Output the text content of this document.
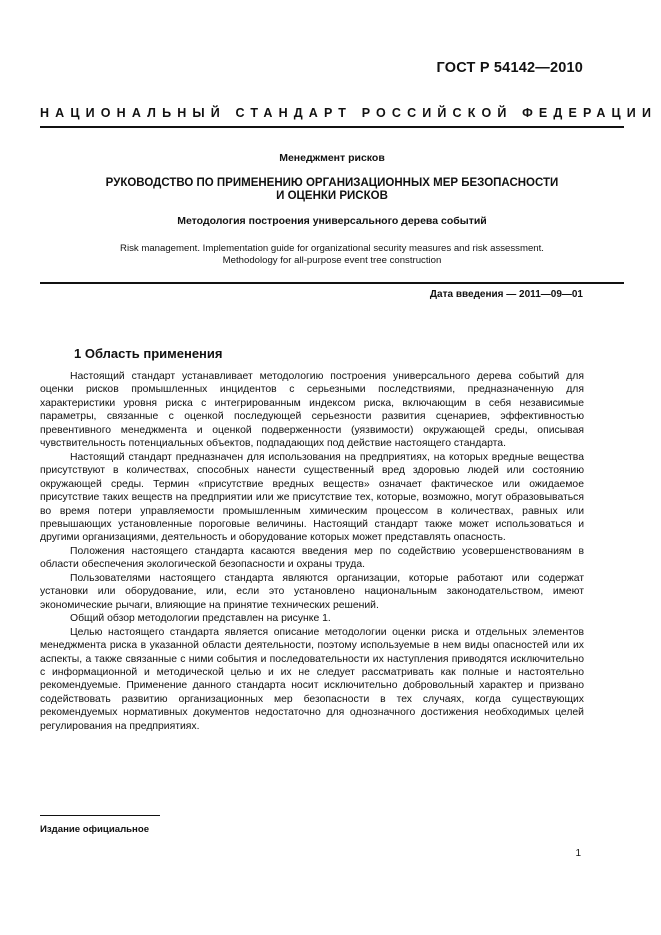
ГОСТ Р 54142—2010
НАЦИОНАЛЬНЫЙ СТАНДАРТ РОССИЙСКОЙ ФЕДЕРАЦИИ
Менеджмент рисков
РУКОВОДСТВО ПО ПРИМЕНЕНИЮ ОРГАНИЗАЦИОННЫХ МЕР БЕЗОПАСНОСТИ
И ОЦЕНКИ РИСКОВ
Методология построения универсального дерева событий
Risk management. Implementation guide for organizational security measures and risk assessment.
Methodology for all-purpose event tree construction
Дата введения — 2011—09—01
1 Область применения

Настоящий стандарт устанавливает методологию построения универсального дерева событий для оценки рисков промышленных инцидентов с серьезными последствиями, предназначенную для характеристики уровня риска с интегрированным индексом риска, включающим в себя независимые параметры, связанные с оценкой последующей серьезности развития сценариев, эффективностью превентивного менеджмента и оценкой подверженности (уязвимости) окружающей среды, описывая чувствительность потенциальных объектов, подпадающих под действие настоящего стандарта.

Настоящий стандарт предназначен для использования на предприятиях, на которых вредные вещества присутствуют в количествах, способных нанести существенный вред здоровью людей или состоянию окружающей среды. Термин «присутствие вредных веществ» означает фактическое или ожидаемое присутствие таких веществ на предприятии или же присутствие тех, которые, возможно, могут образовываться во время потери управляемости промышленным химическим процессом в количествах, равных или превышающих установленные пороговые величины. Настоящий стандарт также может использоваться и другими организациями, деятельность и оборудование которых может представлять опасность.

Положения настоящего стандарта касаются введения мер по содействию усовершенствованиям в области обеспечения экологической безопасности и охраны труда.

Пользователями настоящего стандарта являются организации, которые работают или содержат установки или оборудование, или, если это установлено национальным законодательством, имеют экономические рычаги, влияющие на принятие технических решений.

Общий обзор методологии представлен на рисунке 1.

Целью настоящего стандарта является описание методологии оценки риска и отдельных элементов менеджмента риска в указанной области деятельности, поэтому используемые в нем виды опасностей или их аспекты, а также связанные с ними события и последовательности их наступления приводятся исключительно с информационной и методической целью и их не следует рассматривать как полные и настоятельно рекомендуемые. Применение данного стандарта носит исключительно добровольный характер и призвано содействовать развитию организационных мер безопасности в тех случаях, когда существующих рекомендуемых нормативных документов недостаточно для однозначного достижения необходимых целей регулирования на предприятиях.

Издание официальное
1
